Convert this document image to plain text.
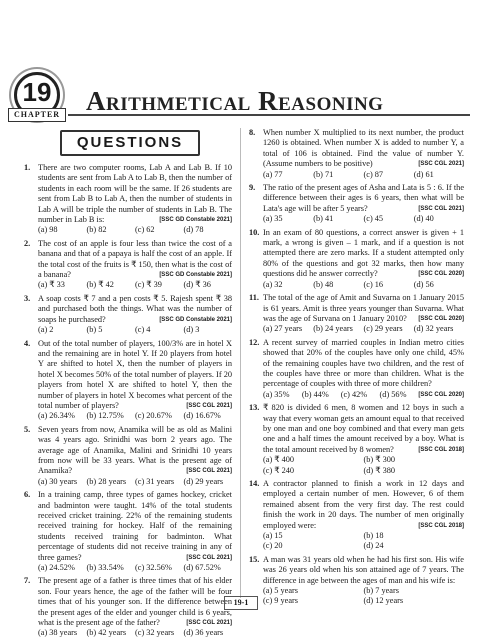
19
CHAPTER Arithmetical Reasoning
QUESTIONS
1. There are two computer rooms, Lab A and Lab B. If 10 students are sent from Lab A to Lab B, then the number of students in each room will be the same. If 26 students are sent from Lab B to Lab A, then the number of students in Lab A will be triple the number of students in Lab B. The number in Lab B is:	[SSC GD Constable 2021]
(a) 98	(b) 82	(c) 62	(d) 78
2. The cost of an apple is four less than twice the cost of a banana and that of a papaya is half the cost of an apple. If the total cost of the fruits is ₹ 150, then what is the cost of a banana?	[SSC GD Constable 2021]
(a) ₹ 33	(b) ₹ 42	(c) ₹ 39	(d) ₹ 36
3. A soap costs ₹ 7 and a pen costs ₹ 5. Rajesh spent ₹ 38 and purchased both the things. What was the number of soaps he purchased?	[SSC GD Constable 2021]
(a) 2	(b) 5	(c) 4	(d) 3
4. Out of the total number of players, 100/3% are in hotel X and the remaining are in hotel Y. If 20 players from hotel Y are shifted to hotel X, then the number of players in hotel X becomes 50% of the total number of players. If 20 players from hotel X are shifted to hotel Y, then the number of players in hotel X becomes what percent of the total number of players?	[SSC CGL 2021]
(a) 26.34%	(b) 12.75%	(c) 20.67%	(d) 16.67%
5. Seven years from now, Anamika will be as old as Malini was 4 years ago. Srinidhi was born 2 years ago. The average age of Anamika, Malini and Srinidhi 10 years from now will be 33 years. What is the present age of Anamika?	[SSC CGL 2021]
(a) 30 years	(b) 28 years	(c) 31 years	(d) 29 years
6. In a training camp, three types of games hockey, cricket and badminton were taught. 14% of the total students received cricket training. 22% of the remaining students received training for hockey. Half of the remaining students received training for badminton. What percentage of students did not receive training in any of three games?	[SSC CGL 2021]
(a) 24.52%	(b) 33.54%	(c) 32.56%	(d) 67.52%
7. The present age of a father is three times that of his elder son. Four years hence, the age of the father will be four times that of his younger son. If the difference between the present ages of the elder and younger child is 6 years, what is the present age of the father?	[SSC CGL 2021]
(a) 38 years	(b) 42 years	(c) 32 years	(d) 36 years
8. When number X multiplied to its next number, the product 1260 is obtained. When number X is added to number Y, a total of 106 is obtained. Find the value of number Y. (Assume numbers to be positive)	[SSC CGL 2021]
(a) 77	(b) 71	(c) 87	(d) 61
9. The ratio of the present ages of Asha and Lata is 5 : 6. If the difference between their ages is 6 years, then what will be Lata's age will be after 5 years?	[SSC CGL 2021]
(a) 35	(b) 41	(c) 45	(d) 40
10. In an exam of 80 questions, a correct answer is given + 1 mark, a wrong is given – 1 mark, and if a question is not attempted there are zero marks. If a student attempted only 80% of the questions and got 32 marks, then how many questions did he answer correctly?	[SSC CGL 2020]
(a) 32	(b) 48	(c) 16	(d) 56
11. The total of the age of Amit and Suvarna on 1 January 2015 is 61 years. Amit is three years younger than Suvarna. What was the age of Survana on 1 January 2010? [SSC CGL 2020]
(a) 27 years	(b) 24 years	(c) 29 years	(d) 32 years
12. A recent survey of married couples in Indian metro cities showed that 20% of the couples have only one child, 45% of the remaining couples have two children, and the rest of the couples have three or more than children. What is the percentage of couples with three of more children?
[SSC CGL 2020]
(a) 35%	(b) 44%	(c) 42%	(d) 56%
13. ₹ 820 is divided 6 men, 8 women and 12 boys in such a way that every woman gets an amount equal to that received by one man and one boy combined and that every man gets one and a half times the amount received by a boy. What is the total amount received by 8 women?	[SSC CGL 2018]
(a) ₹ 400	(b) ₹ 300
(c) ₹ 240	(d) ₹ 380
14. A contractor planned to finish a work in 12 days and employed a certain number of men. However, 6 of them remained absent from the very first day. The rest could finish the work in 20 days. The number of men originally employed were:	[SSC CGL 2018]
(a) 15	(b) 18
(c) 20	(d) 24
15. A man was 31 years old when he had his first son. His wife was 26 years old when his son attained age of 7 years. The difference in age between the ages of man and his wife is:
(a) 5 years	(b) 7 years
(c) 9 years	(d) 12 years
19-1
